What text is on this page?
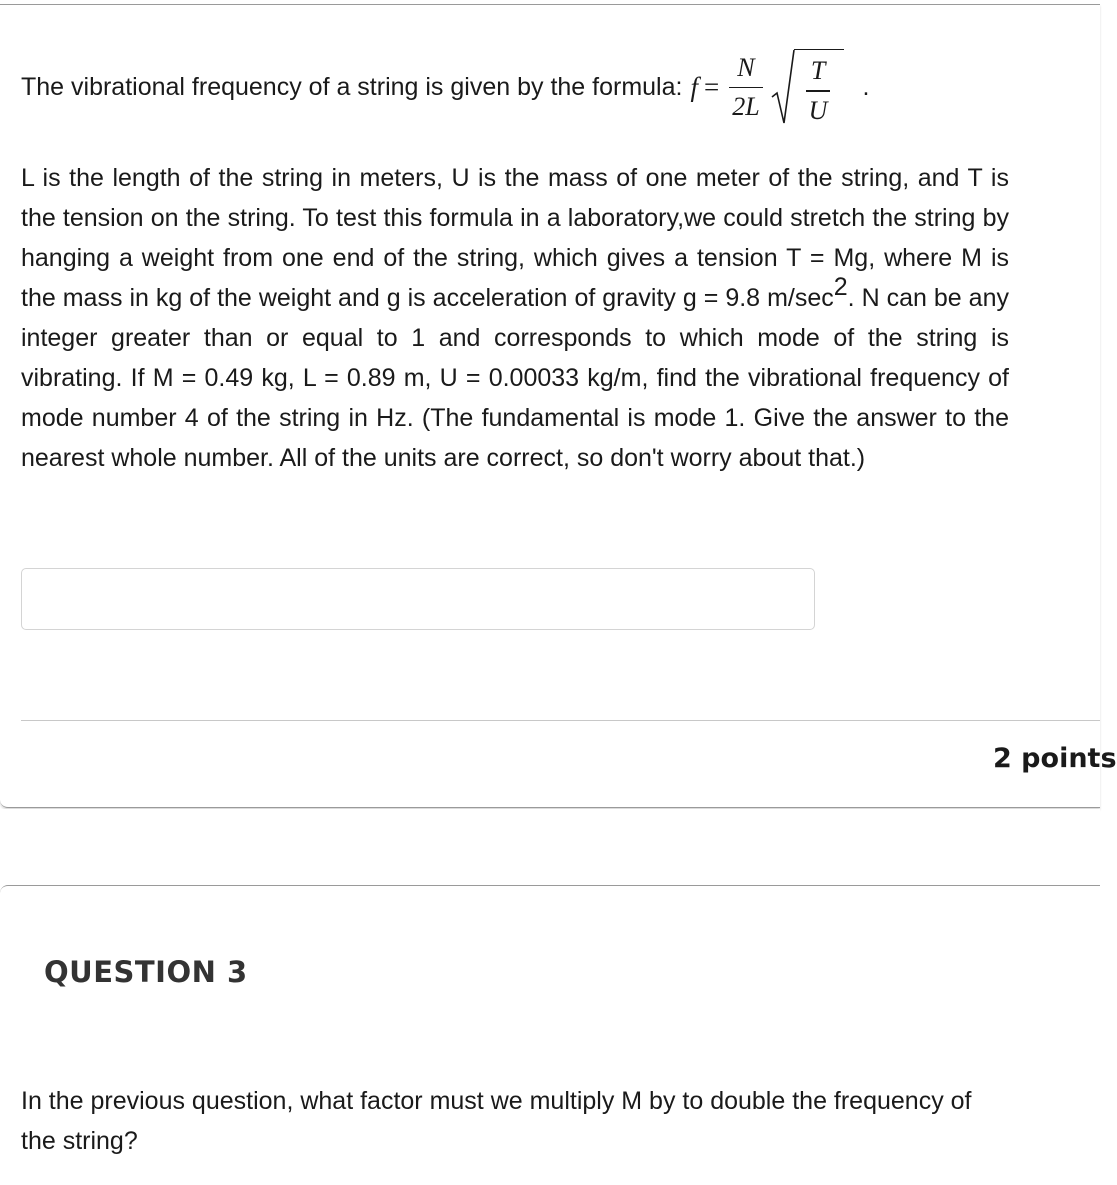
The vibrational frequency of a string is given by the formula: $f = \frac{N}{2L} \frac{T}{U}$ .

L is the length of the string in meters, U is the mass of one meter of the string, and T is the tension on the string. To test this formula in a laboratory,we could stretch the string by hanging a weight from one end of the string, which gives a tension T = Mg, where M is the mass in kg of the weight and g is acceleration of gravity g = 9.8 $m/\sec^2$. N can be any integer greater than or equal to 1 and corresponds to which mode of the string is vibrating. If M = 0.49 kg, L = 0.89 m, U = 0.00033 kg/m, find the vibrational frequency of mode number 4 of the string in Hz. (The fundamental is mode 1. Give the answer to the nearest whole number. All of the units are correct, so don't worry about that.)

2 points
QUESTION 3

In the previous question, what factor must we multiply M by to double the frequency of the string?
